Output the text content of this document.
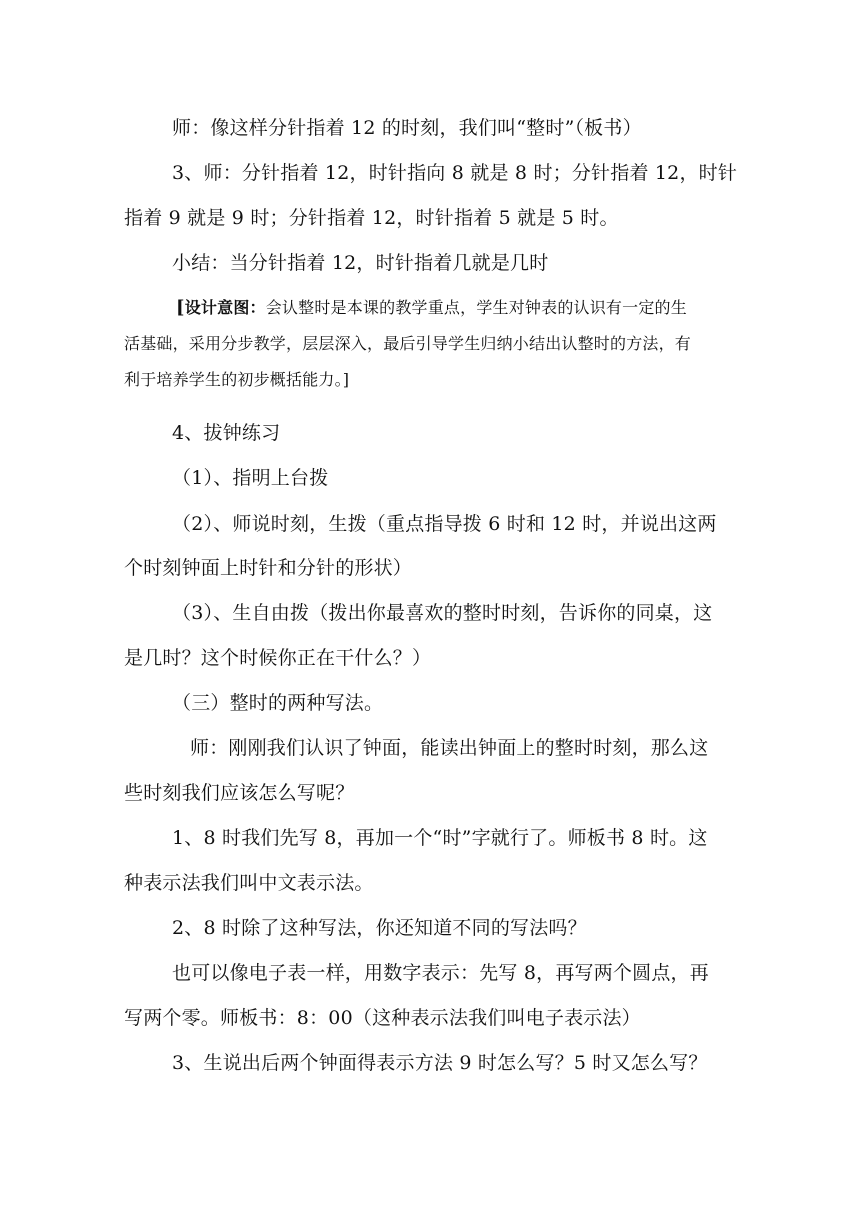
师：像这样分针指着 12 的时刻，我们叫“整时”（板书）
3、师：分针指着 12，时针指向 8 就是 8 时；分针指着 12，时针
指着 9 就是 9 时；分针指着 12，时针指着 5 就是 5 时。
小结：当分针指着 12，时针指着几就是几时
[设计意图：会认整时是本课的教学重点，学生对钟表的认识有一定的生
活基础，采用分步教学，层层深入，最后引导学生归纳小结出认整时的方法，有
利于培养学生的初步概括能力。]
4、拔钟练习
（1）、指明上台拨
（2）、师说时刻，生拨（重点指导拨 6 时和 12 时，并说出这两
个时刻钟面上时针和分针的形状）
（3）、生自由拨（拨出你最喜欢的整时时刻，告诉你的同桌，这
是几时？这个时候你正在干什么？）
（三）整时的两种写法。
师：刚刚我们认识了钟面，能读出钟面上的整时时刻，那么这
些时刻我们应该怎么写呢？
1、8 时我们先写 8，再加一个“时”字就行了。师板书 8 时。这
种表示法我们叫中文表示法。
2、8 时除了这种写法，你还知道不同的写法吗？
也可以像电子表一样，用数字表示：先写 8，再写两个圆点，再
写两个零。师板书：8：00（这种表示法我们叫电子表示法）
3、生说出后两个钟面得表示方法 9 时怎么写？5 时又怎么写？
